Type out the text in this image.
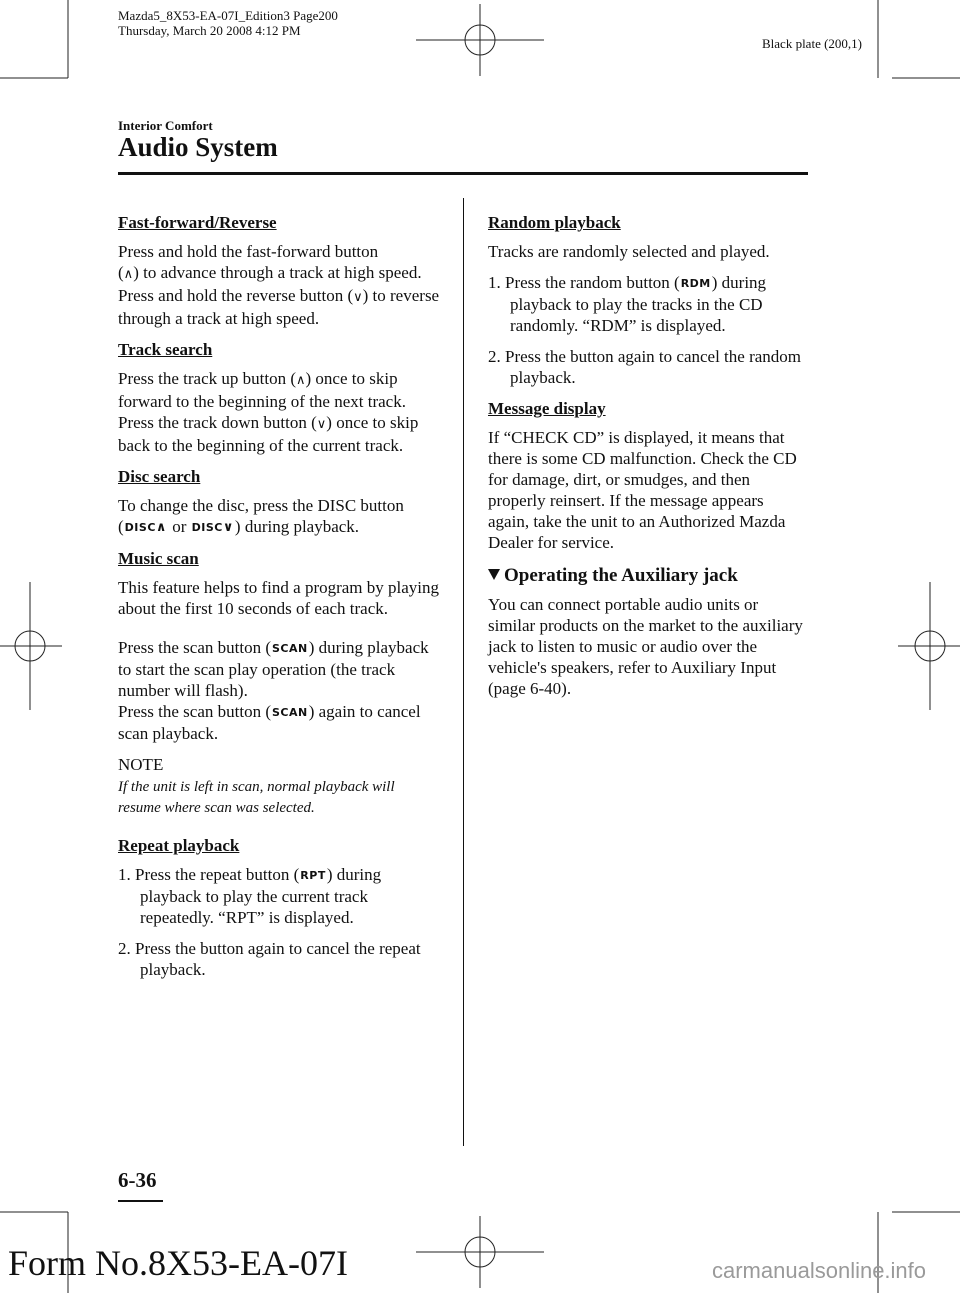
Mazda5_8X53-EA-07I_Edition3 Page200
Thursday, March 20 2008 4:12 PM
Black plate (200,1)
Interior Comfort
Audio System
Fast-forward/Reverse
Press and hold the fast-forward button
(∧) to advance through a track at high speed.
Press and hold the reverse button (∨) to reverse through a track at high speed.
Track search
Press the track up button (∧) once to skip forward to the beginning of the next track.
Press the track down button (∨) once to skip back to the beginning of the current track.
Disc search
To change the disc, press the DISC button (DISC∧ or DISC∨) during playback.
Music scan
This feature helps to find a program by playing about the first 10 seconds of each track.
Press the scan button (SCAN) during playback to start the scan play operation (the track number will flash).
Press the scan button (SCAN) again to cancel scan playback.
NOTE
If the unit is left in scan, normal playback will resume where scan was selected.
Repeat playback
1. Press the repeat button (RPT) during playback to play the current track repeatedly. “RPT” is displayed.
2. Press the button again to cancel the repeat playback.
Random playback
Tracks are randomly selected and played.
1. Press the random button (RDM) during playback to play the tracks in the CD randomly. “RDM” is displayed.
2. Press the button again to cancel the random playback.
Message display
If “CHECK CD” is displayed, it means that there is some CD malfunction. Check the CD for damage, dirt, or smudges, and then properly reinsert. If the message appears again, take the unit to an Authorized Mazda Dealer for service.
Operating the Auxiliary jack
You can connect portable audio units or similar products on the market to the auxiliary jack to listen to music or audio over the vehicle's speakers, refer to Auxiliary Input (page 6-40).
6-36
Form No.8X53-EA-07I	carmanualsonline.info
